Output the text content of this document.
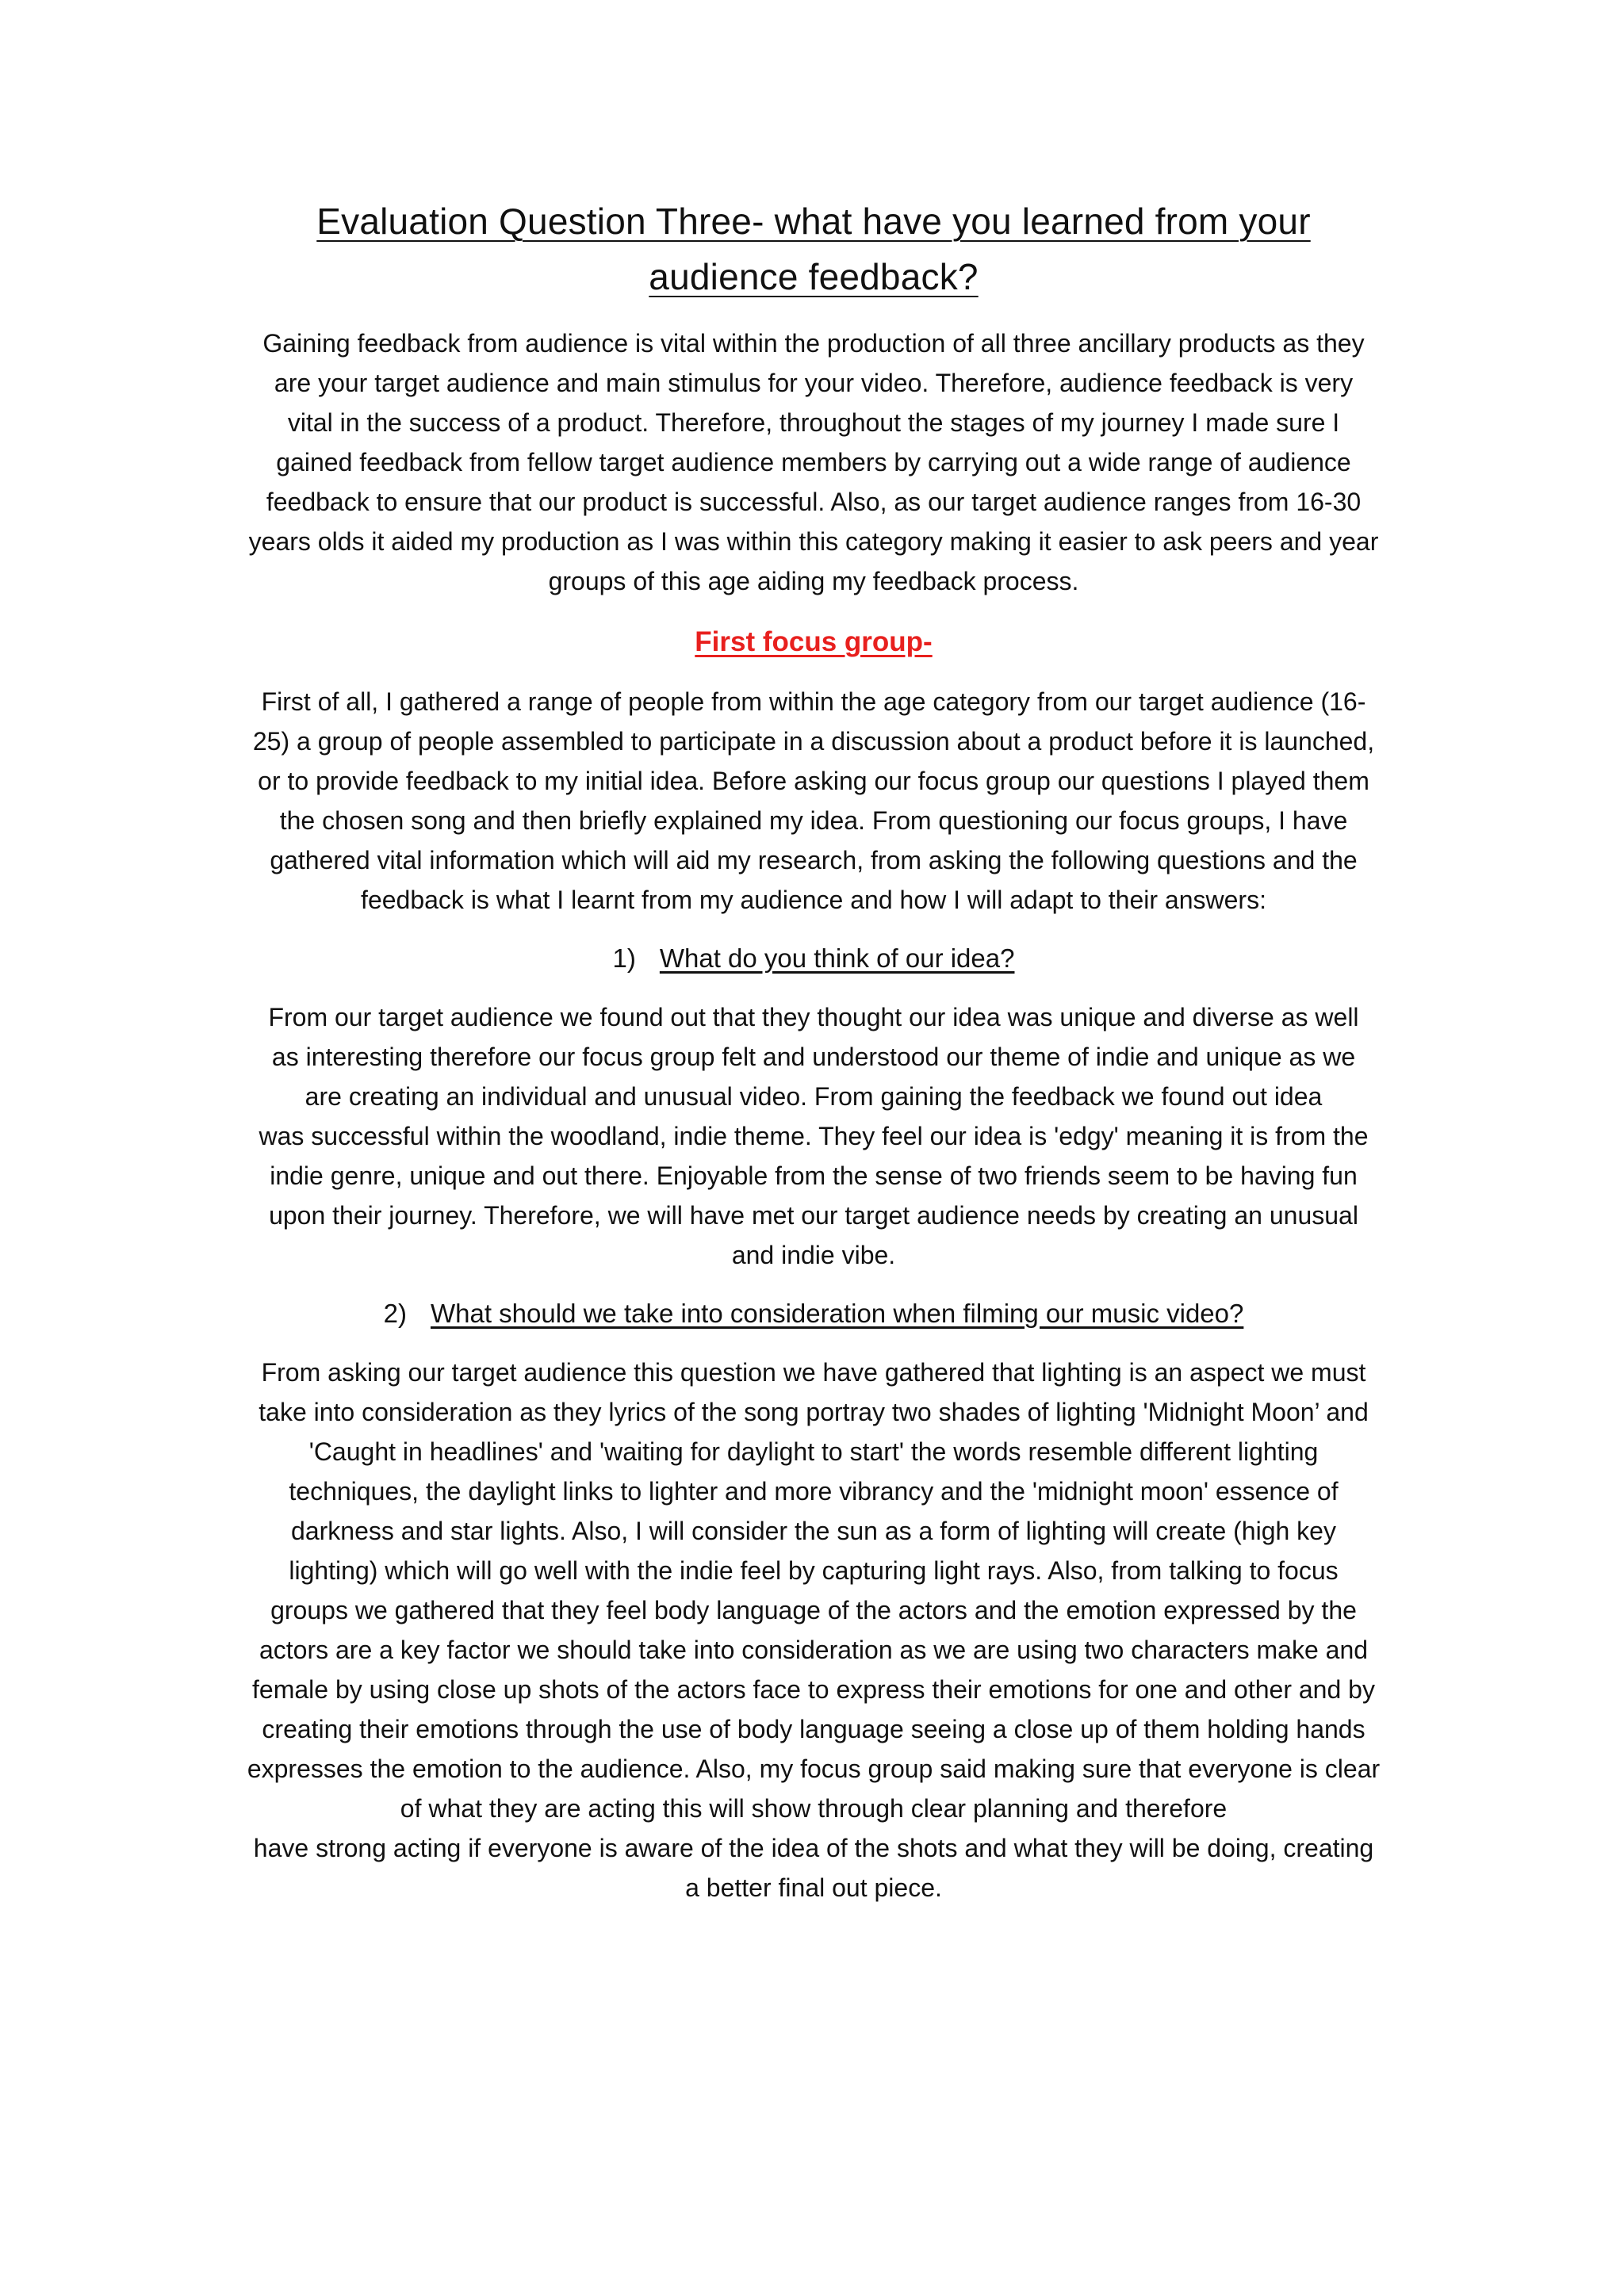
Evaluation Question Three- what have you learned from your
audience feedback?

Gaining feedback from audience is vital within the production of all three ancillary products as they
are your target audience and main stimulus for your video. Therefore, audience feedback is very
vital in the success of a product. Therefore, throughout the stages of my journey I made sure I
gained feedback from fellow target audience members by carrying out a wide range of audience
feedback to ensure that our product is successful. Also, as our target audience ranges from 16-30
years olds it aided my production as I was within this category making it easier to ask peers and year
groups of this age aiding my feedback process.

First focus group-

First of all, I gathered a range of people from within the age category from our target audience (16-
25) a group of people assembled to participate in a discussion about a product before it is launched,
or to provide feedback to my initial idea. Before asking our focus group our questions I played them
the chosen song and then briefly explained my idea. From questioning our focus groups, I have
gathered vital information which will aid my research, from asking the following questions and the
feedback is what I learnt from my audience and how I will adapt to their answers:

1) What do you think of our idea?

From our target audience we found out that they thought our idea was unique and diverse as well
as interesting therefore our focus group felt and understood our theme of indie and unique as we
are creating an individual and unusual video. From gaining the feedback we found out idea
was successful within the woodland, indie theme. They feel our idea is 'edgy' meaning it is from the
indie genre, unique and out there. Enjoyable from the sense of two friends seem to be having fun
upon their journey. Therefore, we will have met our target audience needs by creating an unusual
and indie vibe.

2) What should we take into consideration when filming our music video?

From asking our target audience this question we have gathered that lighting is an aspect we must
take into consideration as they lyrics of the song portray two shades of lighting 'Midnight Moon’ and
'Caught in headlines' and 'waiting for daylight to start' the words resemble different lighting
techniques, the daylight links to lighter and more vibrancy and the 'midnight moon' essence of
darkness and star lights. Also, I will consider the sun as a form of lighting will create (high key
lighting) which will go well with the indie feel by capturing light rays. Also, from talking to focus
groups we gathered that they feel body language of the actors and the emotion expressed by the
actors are a key factor we should take into consideration as we are using two characters make and
female by using close up shots of the actors face to express their emotions for one and other and by
creating their emotions through the use of body language seeing a close up of them holding hands
expresses the emotion to the audience. Also, my focus group said making sure that everyone is clear
of what they are acting this will show through clear planning and therefore
have strong acting if everyone is aware of the idea of the shots and what they will be doing, creating
a better final out piece.
